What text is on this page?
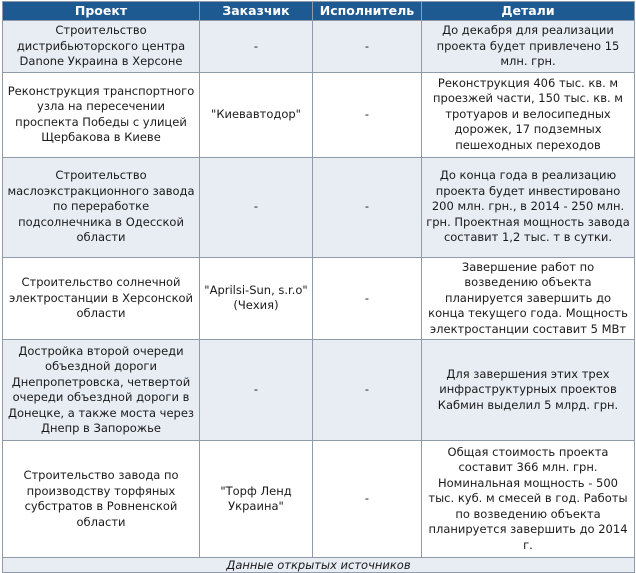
Проект	Заказчик	Исполнитель	Детали
Строительство дистрибьюторского центра Danone Украина в Херсоне	-	-	До декабря для реализации проекта будет привлечено 15 млн. грн.
Реконструкция транспортного узла на пересечении проспекта Победы с улицей Щербакова в Киеве	"Киевавтодор"	-	Реконструкция 406 тыс. кв. м проезжей части, 150 тыс. кв. м тротуаров и велосипедных дорожек, 17 подземных пешеходных переходов
Строительство маслоэкстракционного завода по переработке подсолнечника в Одесской области	-	-	До конца года в реализацию проекта будет инвестировано 200 млн. грн., в 2014 - 250 млн. грн. Проектная мощность завода составит 1,2 тыс. т в сутки.
Строительство солнечной электростанции в Херсонской области	"Aprilsi-Sun, s.r.o" (Чехия)	-	Завершение работ по возведению объекта планируется завершить до конца текущего года. Мощность электростанции составит 5 МВт
Достройка второй очереди объездной дороги Днепропетровска, четвертой очереди объездной дороги в Донецке, а также моста через Днепр в Запорожье	-	-	Для завершения этих трех инфраструктурных проектов Кабмин выделил 5 млрд. грн.
Строительство завода по производству торфяных субстратов в Ровненской области	"Торф Ленд Украина"	-	Общая стоимость проекта составит 366 млн. грн. Номинальная мощность - 500 тыс. куб. м смесей в год. Работы по возведению объекта планируется завершить до 2014 г.
Данные открытых источников			
